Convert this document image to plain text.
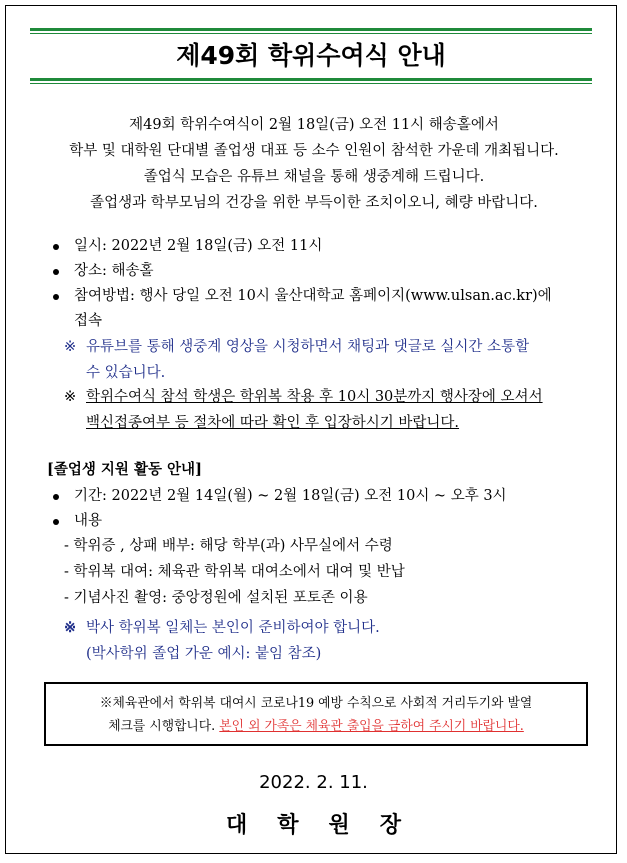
제49회 학위수여식 안내
제49회 학위수여식이 2월 18일(금) 오전 11시 해송홀에서
학부 및 대학원 단대별 졸업생 대표 등 소수 인원이 참석한 가운데 개최됩니다.
졸업식 모습은 유튜브 채널을 통해 생중계해 드립니다.
졸업생과 학부모님의 건강을 위한 부득이한 조치이오니, 혜량 바랍니다.
일시: 2022년 2월 18일(금) 오전 11시
장소: 해송홀
참여방법: 행사 당일 오전 10시 울산대학교 홈페이지(www.ulsan.ac.kr)에
접속
※ 유튜브를 통해 생중계 영상을 시청하면서 채팅과 댓글로 실시간 소통할
수 있습니다.
※ 학위수여식 참석 학생은 학위복 착용 후 10시 30분까지 행사장에 오셔서
백신접종여부 등 절차에 따라 확인 후 입장하시기 바랍니다.
[졸업생 지원 활동 안내]
기간: 2022년 2월 14일(월) ~ 2월 18일(금) 오전 10시 ~ 오후 3시
내용
- 학위증 , 상패 배부: 해당 학부(과) 사무실에서 수령
- 학위복 대여: 체육관 학위복 대여소에서 대여 및 반납
- 기념사진 촬영: 중앙정원에 설치된 포토존 이용
※ 박사 학위복 일체는 본인이 준비하여야 합니다.
(박사학위 졸업 가운 예시: 붙임 참조)
※체육관에서 학위복 대여시 코로나19 예방 수칙으로 사회적 거리두기와 발열
체크를 시행합니다. 본인 외 가족은 체육관 출입을 금하여 주시기 바랍니다.
2022. 2. 11.
대학원장
